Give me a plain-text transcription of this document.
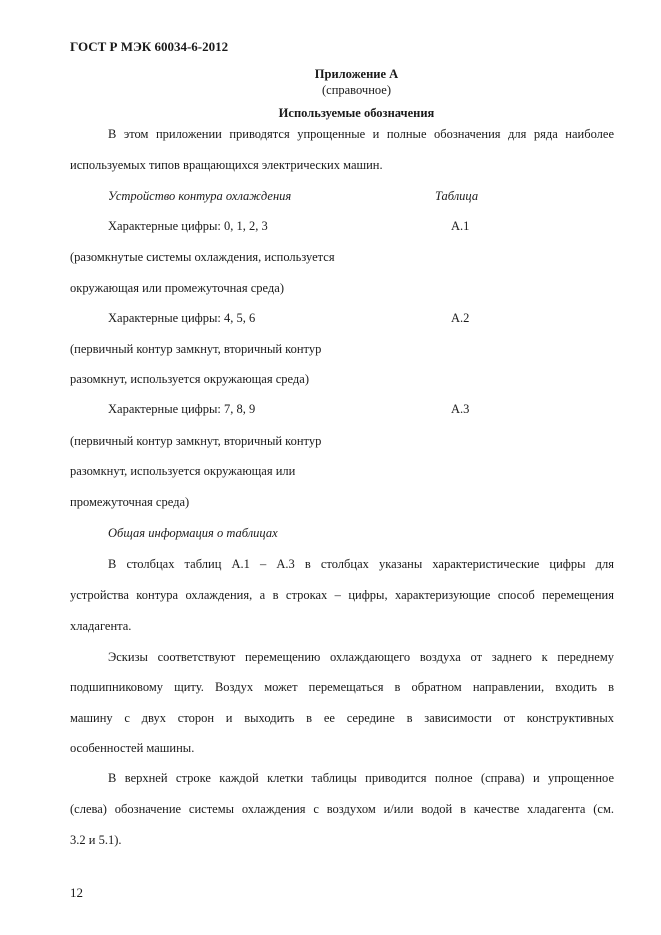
ГОСТ Р МЭК 60034-6-2012
Приложение А
(справочное)
Используемые обозначения
В этом приложении приводятся упрощенные и полные обозначения для ряда наиболее
используемых типов вращающихся электрических машин.
Устройство контура охлаждения	Таблица
Характерные цифры: 0, 1, 2, 3	А.1
(разомкнутые системы охлаждения, используется
окружающая или промежуточная среда)
Характерные цифры: 4, 5, 6	А.2
(первичный контур замкнут, вторичный контур
разомкнут, используется окружающая среда)
Характерные цифры: 7, 8, 9	А.3
(первичный контур замкнут, вторичный контур
разомкнут, используется окружающая или
промежуточная среда)
Общая информация о таблицах
В столбцах таблиц А.1 – А.3 в столбцах указаны характеристические цифры для
устройства контура охлаждения, а в строках – цифры, характеризующие способ перемещения
хладагента.
Эскизы соответствуют перемещению охлаждающего воздуха от заднего к переднему
подшипниковому щиту. Воздух может перемещаться в обратном направлении, входить в
машину с двух сторон и выходить в ее середине в зависимости от конструктивных
особенностей машины.
В верхней строке каждой клетки таблицы приводится полное (справа) и упрощенное
(слева) обозначение системы охлаждения с воздухом и/или водой в качестве хладагента (см.
3.2 и 5.1).
12
